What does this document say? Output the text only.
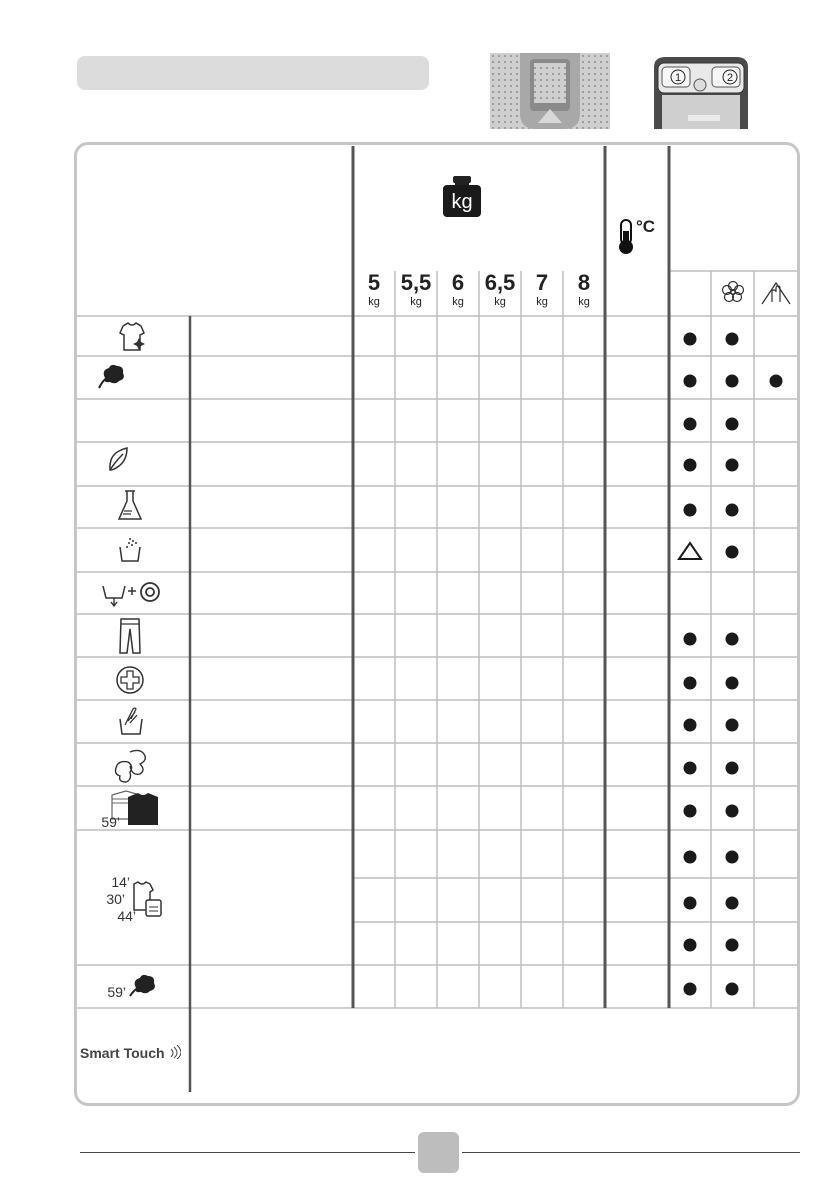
1	2
kg

5

kg

5,5

kg

6

kg

6,5

kg

7

kg

8

kg

°C

59’

14’

30’

44’

59’

Smart Touch
